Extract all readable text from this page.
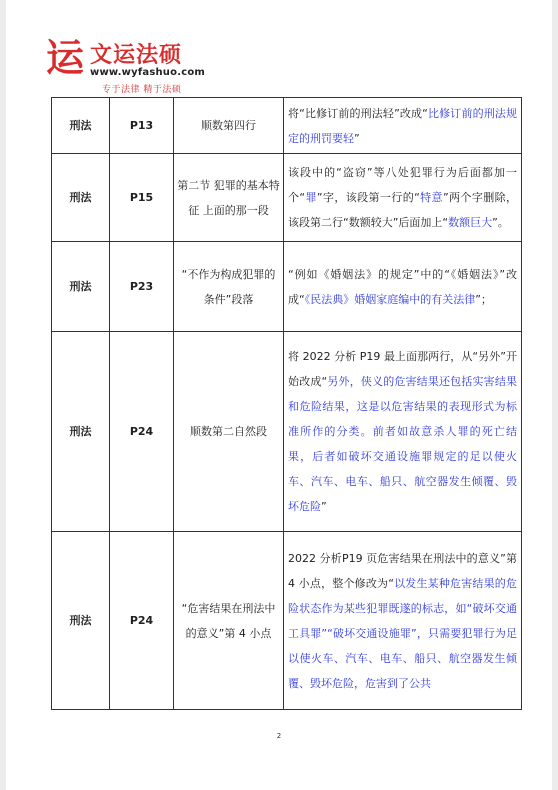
运 文运法硕
www.wyfashuo.com
专于法律 精于法硕
刑法	P13	顺数第四行	将“比修订前的刑法轻”改成“比修订前的刑法规定的刑罚要轻”
刑法	P15	第二节 犯罪的基本特征 上面的那一段	该段中的“盗窃”等八处犯罪行为后面都加一个“罪”字，该段第一行的“特意”两个字删除，该段第二行“数额较大”后面加上“数额巨大”。
刑法	P23	“不作为构成犯罪的条件”段落	“例如《婚姻法》的规定”中的“《婚姻法》”改成“《民法典》婚姻家庭编中的有关法律”；
刑法	P24	顺数第二自然段	将 2022 分析 P19 最上面那两行，从“另外”开始改成“另外，侠义的危害结果还包括实害结果和危险结果，这是以危害结果的表现形式为标准所作的分类。前者如故意杀人罪的死亡结果，后者如破坏交通设施罪规定的足以使火车、汽车、电车、船只、航空器发生倾覆、毁坏危险”
刑法	P24	“危害结果在刑法中的意义”第 4 小点	2022 分析P19 页危害结果在刑法中的意义”第 4 小点，整个修改为“以发生某种危害结果的危险状态作为某些犯罪既遂的标志，如“破坏交通工具罪”“破坏交通设施罪”，只需要犯罪行为足以使火车、汽车、电车、船只、航空器发生倾覆、毁坏危险，危害到了公共
2
